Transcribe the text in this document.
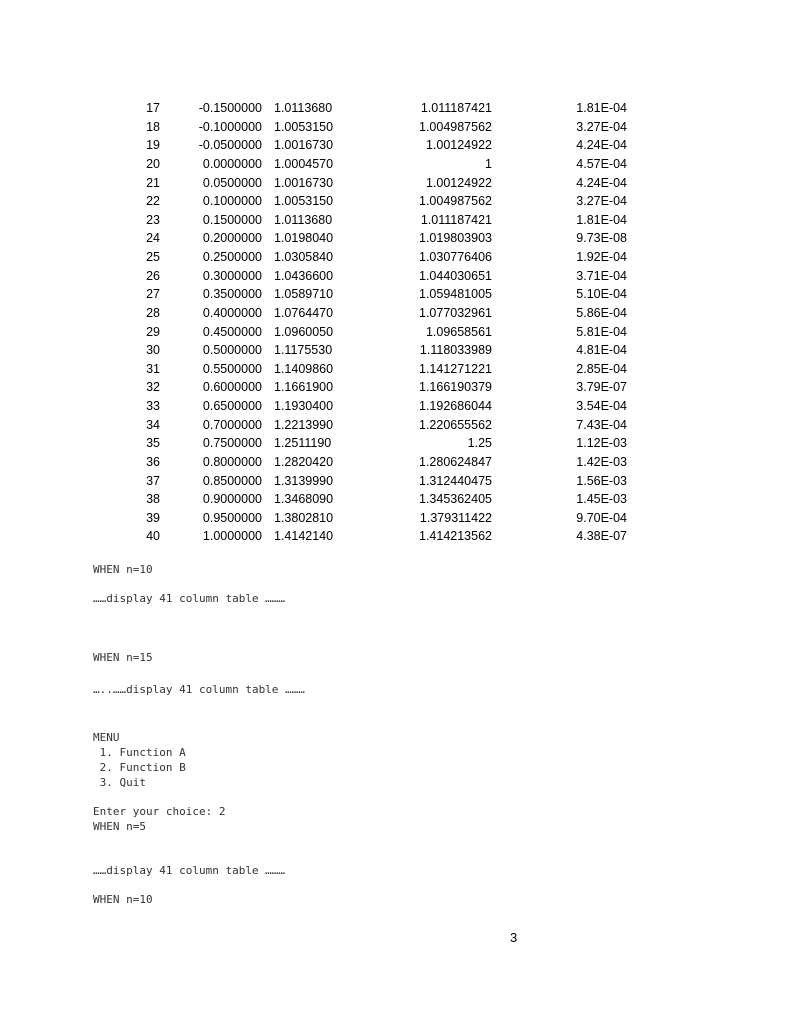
17	-0.1500000 1.0113680	1.011187421	1.81E-04
18	-0.1000000 1.0053150	1.004987562	3.27E-04
19	-0.0500000 1.0016730	1.00124922	4.24E-04
20	0.0000000 1.0004570	1	4.57E-04
21	0.0500000 1.0016730	1.00124922	4.24E-04
22	0.1000000 1.0053150	1.004987562	3.27E-04
23	0.1500000 1.0113680	1.011187421	1.81E-04
24	0.2000000 1.0198040	1.019803903	9.73E-08
25	0.2500000 1.0305840	1.030776406	1.92E-04
26	0.3000000 1.0436600	1.044030651	3.71E-04
27	0.3500000 1.0589710	1.059481005	5.10E-04
28	0.4000000 1.0764470	1.077032961	5.86E-04
29	0.4500000 1.0960050	1.09658561	5.81E-04
30	0.5000000 1.1175530	1.118033989	4.81E-04
31	0.5500000 1.1409860	1.141271221	2.85E-04
32	0.6000000 1.1661900	1.166190379	3.79E-07
33	0.6500000 1.1930400	1.192686044	3.54E-04
34	0.7000000 1.2213990	1.220655562	7.43E-04
35	0.7500000 1.2511190	1.25	1.12E-03
36	0.8000000 1.2820420	1.280624847	1.42E-03
37	0.8500000 1.3139990	1.312440475	1.56E-03
38	0.9000000 1.3468090	1.345362405	1.45E-03
39	0.9500000 1.3802810	1.379311422	9.70E-04
40	1.0000000 1.4142140	1.414213562	4.38E-07
WHEN n=10
……display 41 column table ………
WHEN n=15
…..……display 41 column table ………
MENU
1. Function A
2. Function B
3. Quit
Enter your choice: 2
WHEN n=5
……display 41 column table ………
WHEN n=10
3
